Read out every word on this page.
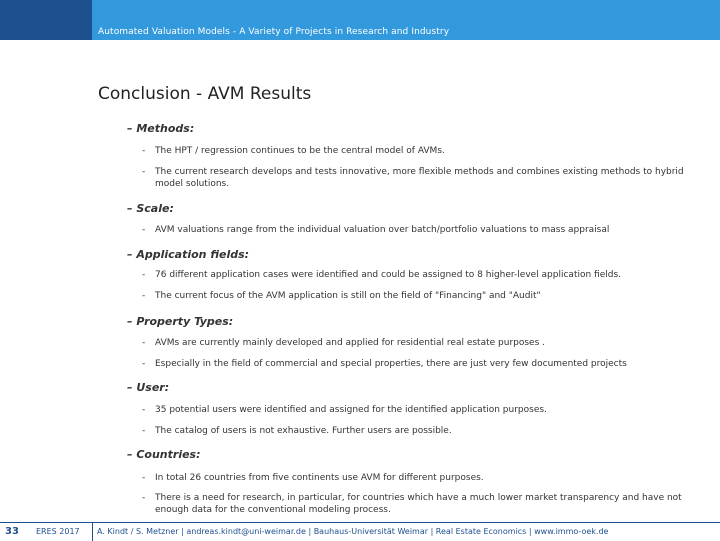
Automated Valuation Models - A Variety of Projects in Research and Industry
Conclusion - AVM Results
– Methods:
- The HPT / regression continues to be the central model of AVMs.
- The current research develops and tests innovative, more flexible methods and combines existing methods to hybrid model solutions.
– Scale:
- AVM valuations range from the individual valuation over batch/portfolio valuations to mass appraisal
– Application fields:
- 76 different application cases were identified and could be assigned to 8 higher-level application fields.
- The current focus of the AVM application is still on the field of "Financing" and "Audit"
– Property Types:
- AVMs are currently mainly developed and applied for residential real estate purposes .
- Especially in the field of commercial and special properties, there are just very few documented projects
– User:
- 35 potential users were identified and assigned for the identified application purposes.
- The catalog of users is not exhaustive. Further users are possible.
– Countries:
- In total 26 countries from five continents use AVM for different purposes.
- There is a need for research, in particular, for countries which have a much lower market transparency and have not enough data for the conventional modeling process.
33 ERES 2017 A. Kindt / S. Metzner | andreas.kindt@uni-weimar.de | Bauhaus-Universität Weimar | Real Estate Economics | www.immo-oek.de
